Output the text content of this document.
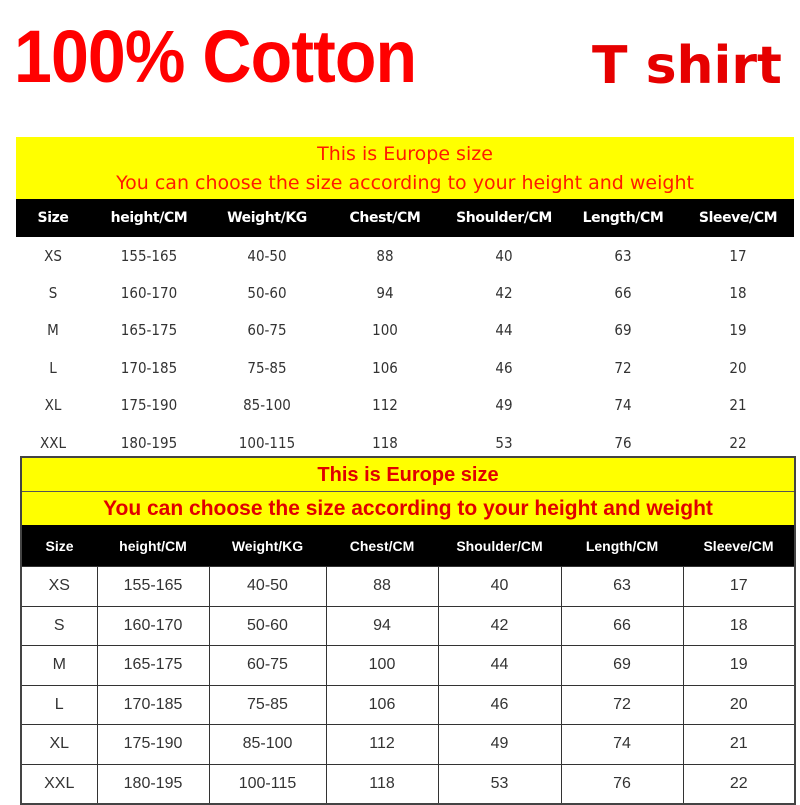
100% Cotton	T shirt
This is Europe size
You can choose the size according to your height and weight
Size	height/CM	Weight/KG	Chest/CM	Shoulder/CM	Length/CM	Sleeve/CM
XS	155-165	40-50	88	40	63	17
S	160-170	50-60	94	42	66	18
M	165-175	60-75	100	44	69	19
L	170-185	75-85	106	46	72	20
XL	175-190	85-100	112	49	74	21
XXL	180-195	100-115	118	53	76	22
This is Europe size
You can choose the size according to your height and weight
Size	height/CM	Weight/KG	Chest/CM	Shoulder/CM	Length/CM	Sleeve/CM
XS	155-165	40-50	88	40	63	17
S	160-170	50-60	94	42	66	18
M	165-175	60-75	100	44	69	19
L	170-185	75-85	106	46	72	20
XL	175-190	85-100	112	49	74	21
XXL	180-195	100-115	118	53	76	22
